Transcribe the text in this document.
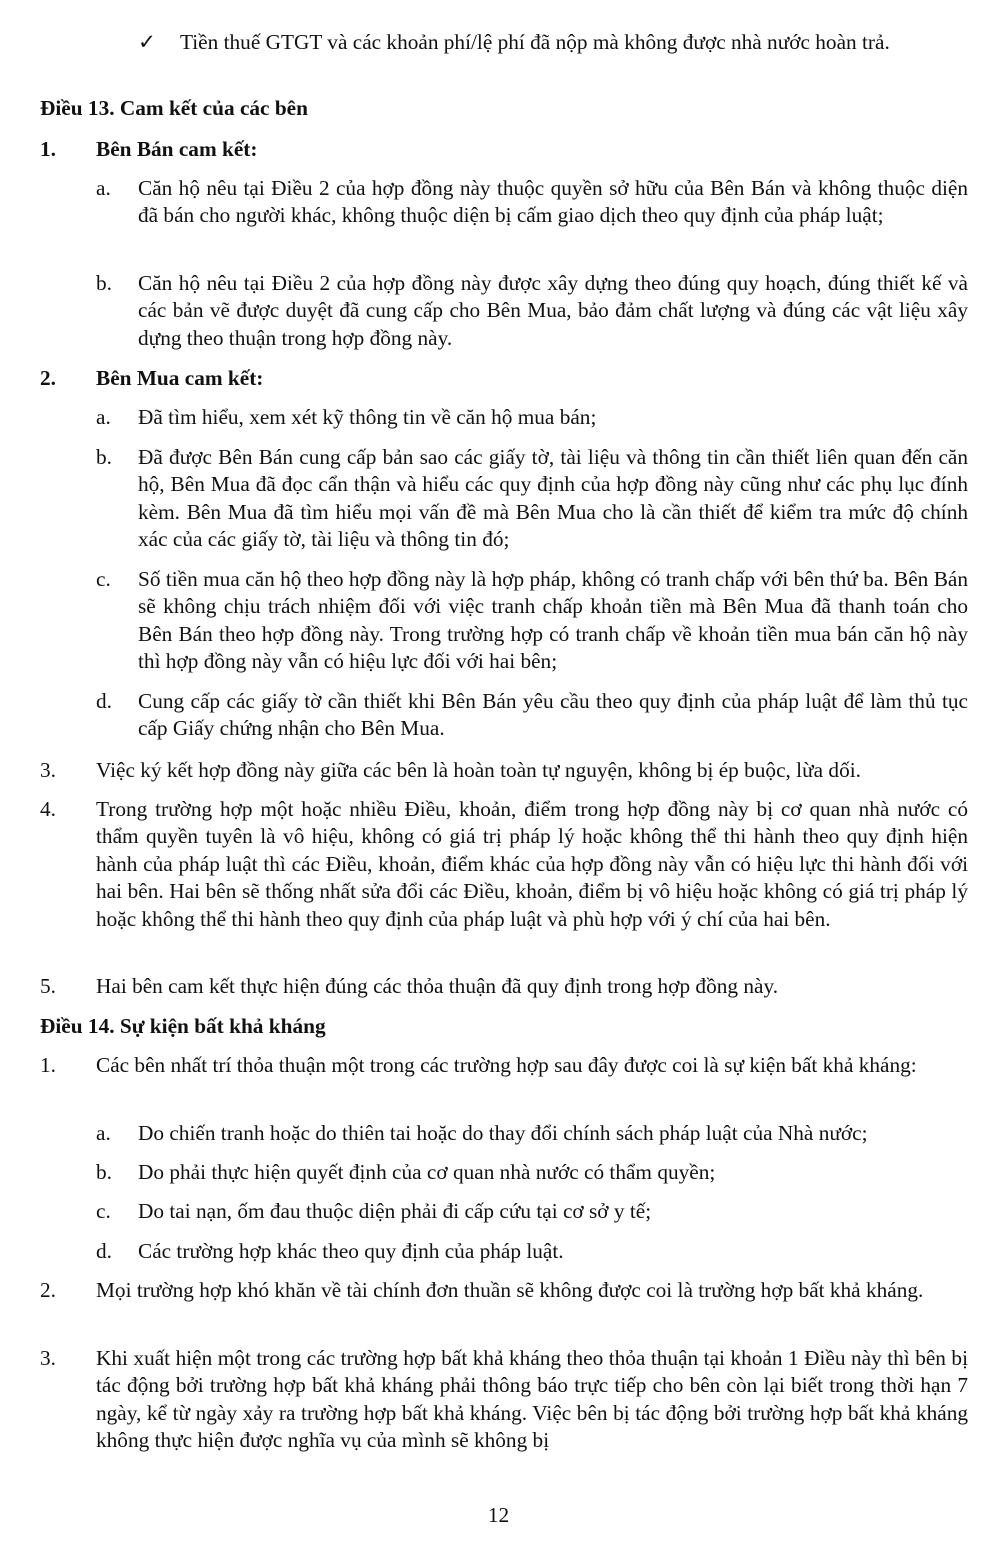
✓ Tiền thuế GTGT và các khoản phí/lệ phí đã nộp mà không được nhà nước hoàn trả.
Điều 13. Cam kết của các bên
1. Bên Bán cam kết:
a. Căn hộ nêu tại Điều 2 của hợp đồng này thuộc quyền sở hữu của Bên Bán và không thuộc diện đã bán cho người khác, không thuộc diện bị cấm giao dịch theo quy định của pháp luật;
b. Căn hộ nêu tại Điều 2 của hợp đồng này được xây dựng theo đúng quy hoạch, đúng thiết kế và các bản vẽ được duyệt đã cung cấp cho Bên Mua, bảo đảm chất lượng và đúng các vật liệu xây dựng theo thuận trong hợp đồng này.
2. Bên Mua cam kết:
a. Đã tìm hiểu, xem xét kỹ thông tin về căn hộ mua bán;
b. Đã được Bên Bán cung cấp bản sao các giấy tờ, tài liệu và thông tin cần thiết liên quan đến căn hộ, Bên Mua đã đọc cẩn thận và hiểu các quy định của hợp đồng này cũng như các phụ lục đính kèm. Bên Mua đã tìm hiểu mọi vấn đề mà Bên Mua cho là cần thiết để kiểm tra mức độ chính xác của các giấy tờ, tài liệu và thông tin đó;
c. Số tiền mua căn hộ theo hợp đồng này là hợp pháp, không có tranh chấp với bên thứ ba. Bên Bán sẽ không chịu trách nhiệm đối với việc tranh chấp khoản tiền mà Bên Mua đã thanh toán cho Bên Bán theo hợp đồng này. Trong trường hợp có tranh chấp về khoản tiền mua bán căn hộ này thì hợp đồng này vẫn có hiệu lực đối với hai bên;
d. Cung cấp các giấy tờ cần thiết khi Bên Bán yêu cầu theo quy định của pháp luật để làm thủ tục cấp Giấy chứng nhận cho Bên Mua.
3. Việc ký kết hợp đồng này giữa các bên là hoàn toàn tự nguyện, không bị ép buộc, lừa dối.
4. Trong trường hợp một hoặc nhiều Điều, khoản, điểm trong hợp đồng này bị cơ quan nhà nước có thẩm quyền tuyên là vô hiệu, không có giá trị pháp lý hoặc không thể thi hành theo quy định hiện hành của pháp luật thì các Điều, khoản, điểm khác của hợp đồng này vẫn có hiệu lực thi hành đối với hai bên. Hai bên sẽ thống nhất sửa đổi các Điều, khoản, điểm bị vô hiệu hoặc không có giá trị pháp lý hoặc không thể thi hành theo quy định của pháp luật và phù hợp với ý chí của hai bên.
5. Hai bên cam kết thực hiện đúng các thỏa thuận đã quy định trong hợp đồng này.
Điều 14. Sự kiện bất khả kháng
1. Các bên nhất trí thỏa thuận một trong các trường hợp sau đây được coi là sự kiện bất khả kháng:
a. Do chiến tranh hoặc do thiên tai hoặc do thay đổi chính sách pháp luật của Nhà nước;
b. Do phải thực hiện quyết định của cơ quan nhà nước có thẩm quyền;
c. Do tai nạn, ốm đau thuộc diện phải đi cấp cứu tại cơ sở y tế;
d. Các trường hợp khác theo quy định của pháp luật.
2. Mọi trường hợp khó khăn về tài chính đơn thuần sẽ không được coi là trường hợp bất khả kháng.
3. Khi xuất hiện một trong các trường hợp bất khả kháng theo thỏa thuận tại khoản 1 Điều này thì bên bị tác động bởi trường hợp bất khả kháng phải thông báo trực tiếp cho bên còn lại biết trong thời hạn 7 ngày, kể từ ngày xảy ra trường hợp bất khả kháng. Việc bên bị tác động bởi trường hợp bất khả kháng không thực hiện được nghĩa vụ của mình sẽ không bị
12
